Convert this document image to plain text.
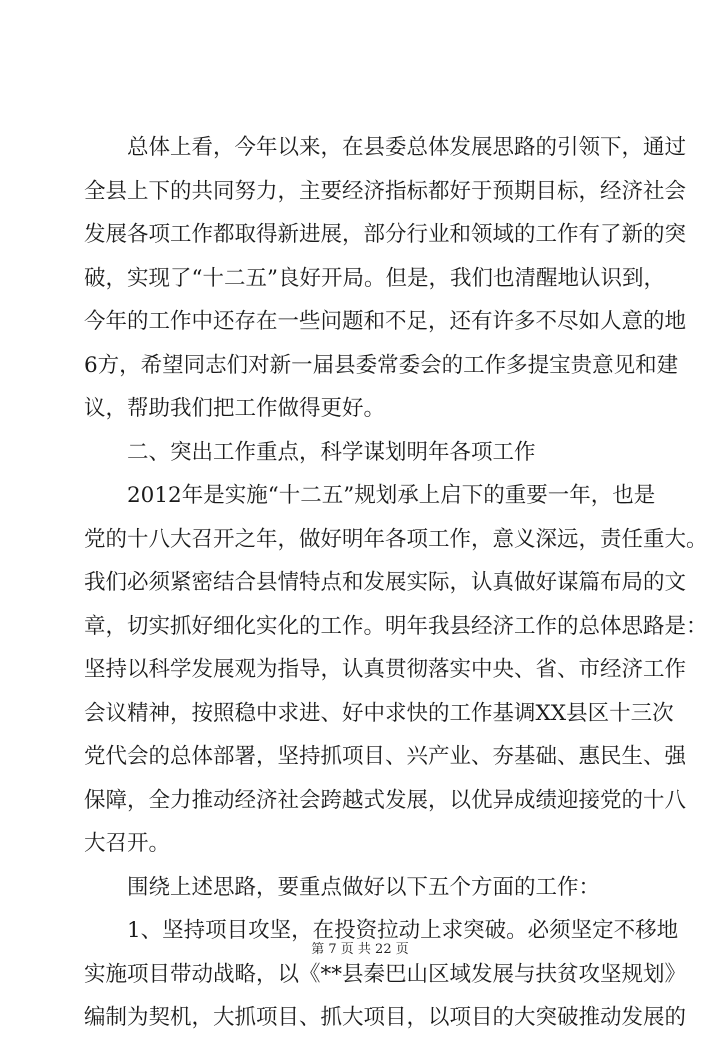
总体上看，今年以来，在县委总体发展思路的引领下，通过
全县上下的共同努力，主要经济指标都好于预期目标，经济社会
发展各项工作都取得新进展，部分行业和领域的工作有了新的突
破，实现了“十二五”良好开局。但是，我们也清醒地认识到，
今年的工作中还存在一些问题和不足，还有许多不尽如人意的地
6方，希望同志们对新一届县委常委会的工作多提宝贵意见和建
议，帮助我们把工作做得更好。
二、突出工作重点，科学谋划明年各项工作
2012年是实施“十二五”规划承上启下的重要一年，也是
党的十八大召开之年，做好明年各项工作，意义深远，责任重大。
我们必须紧密结合县情特点和发展实际，认真做好谋篇布局的文
章，切实抓好细化实化的工作。明年我县经济工作的总体思路是：
坚持以科学发展观为指导，认真贯彻落实中央、省、市经济工作
会议精神，按照稳中求进、好中求快的工作基调XX县区十三次
党代会的总体部署，坚持抓项目、兴产业、夯基础、惠民生、强
保障，全力推动经济社会跨越式发展，以优异成绩迎接党的十八
大召开。
围绕上述思路，要重点做好以下五个方面的工作：
1、坚持项目攻坚，在投资拉动上求突破。必须坚定不移地
实施项目带动战略，以《**县秦巴山区域发展与扶贫攻坚规划》
编制为契机，大抓项目、抓大项目，以项目的大突破推动发展的
第 7 页 共 22 页
